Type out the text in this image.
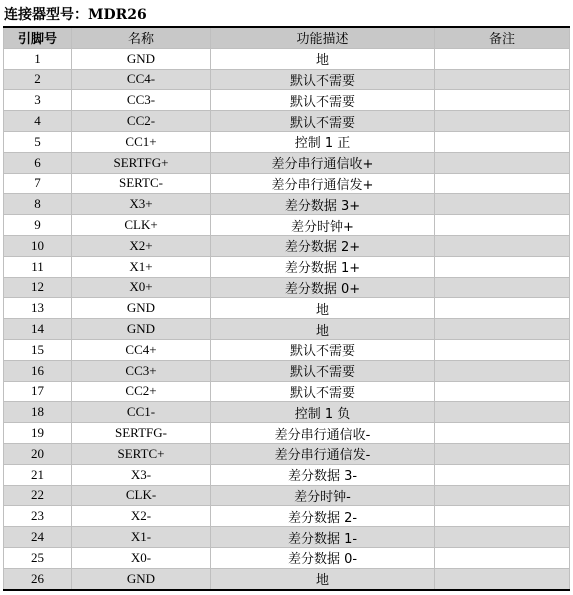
连接器型号：MDR26
引脚号	名称	功能描述	备注
1	GND	地	
2	CC4-	默认不需要	
3	CC3-	默认不需要	
4	CC2-	默认不需要	
5	CC1+	控制 1 正	
6	SERTFG+	差分串行通信收+	
7	SERTC-	差分串行通信发+	
8	X3+	差分数据 3+	
9	CLK+	差分时钟+	
10	X2+	差分数据 2+	
11	X1+	差分数据 1+	
12	X0+	差分数据 0+	
13	GND	地	
14	GND	地	
15	CC4+	默认不需要	
16	CC3+	默认不需要	
17	CC2+	默认不需要	
18	CC1-	控制 1 负	
19	SERTFG-	差分串行通信收-	
20	SERTC+	差分串行通信发-	
21	X3-	差分数据 3-	
22	CLK-	差分时钟-	
23	X2-	差分数据 2-	
24	X1-	差分数据 1-	
25	X0-	差分数据 0-	
26	GND	地	
